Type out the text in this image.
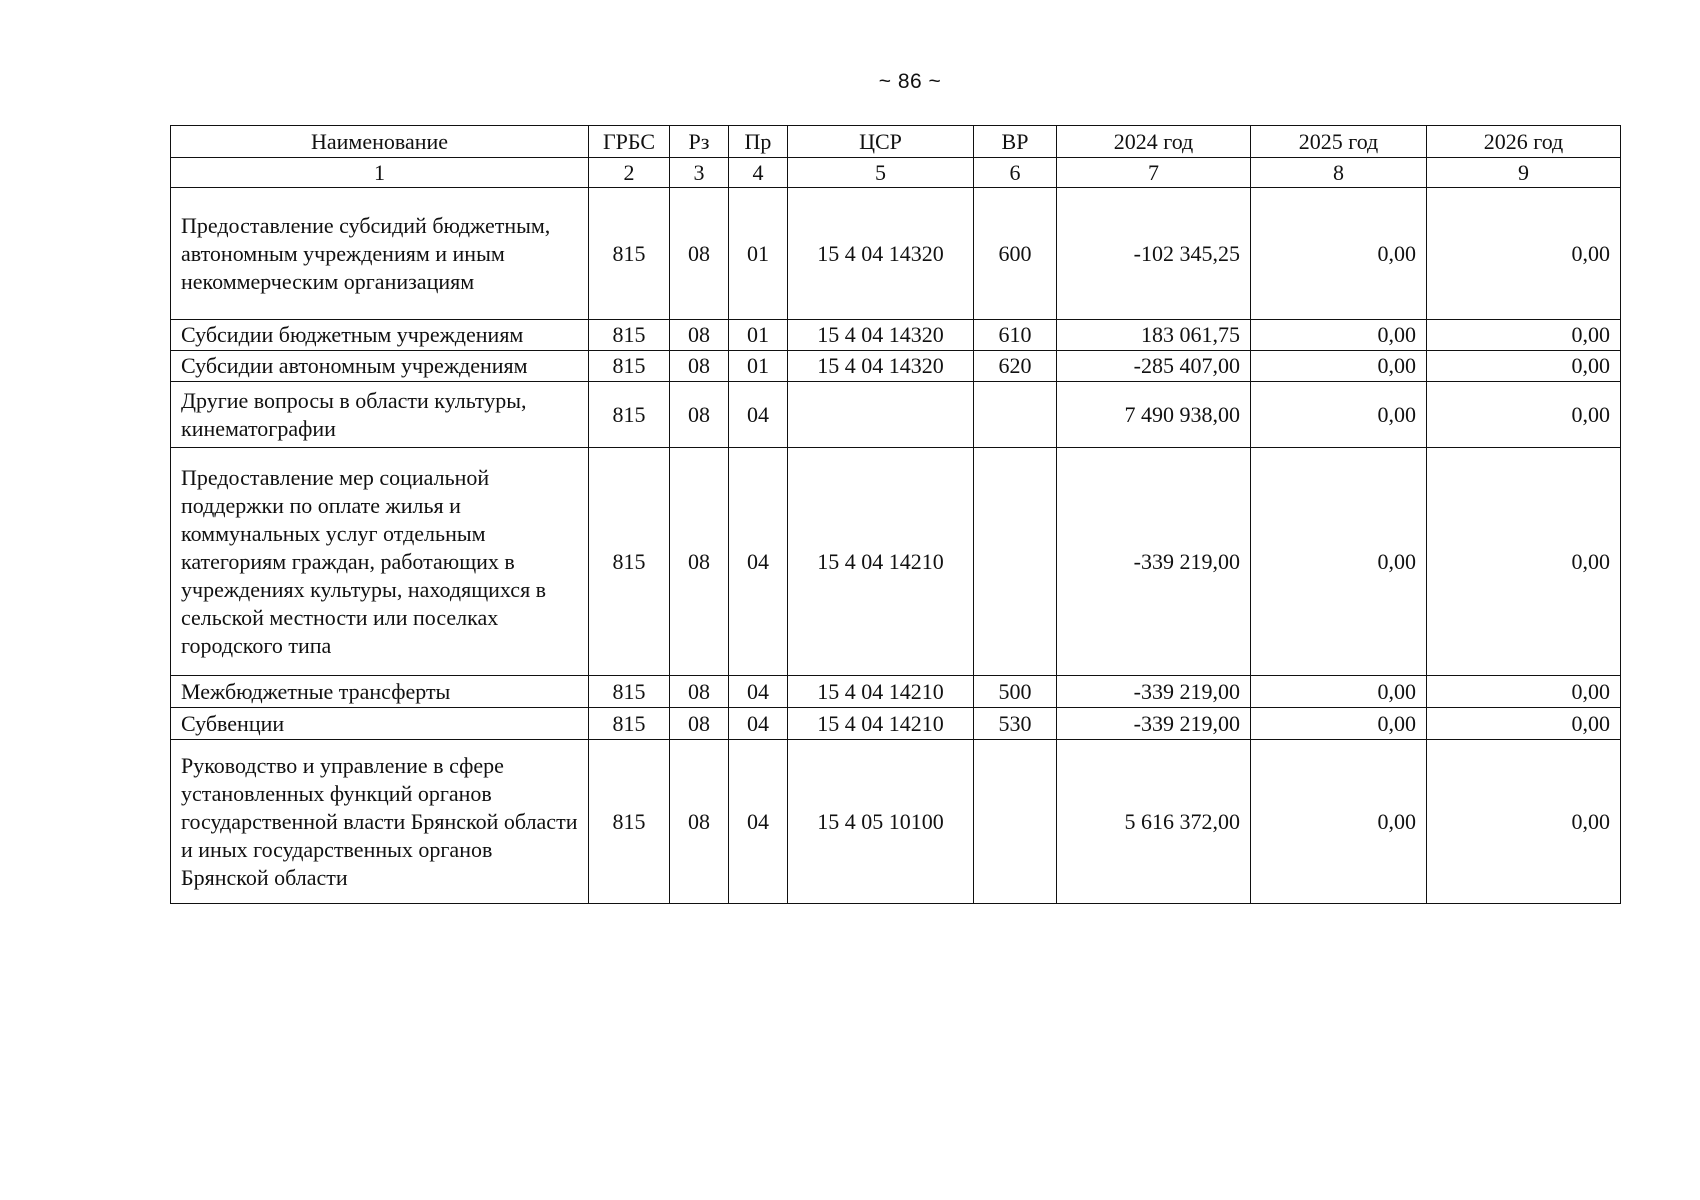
~ 86 ~
Наименование	ГРБС	Рз	Пр	ЦСР	ВР	2024 год	2025 год	2026 год
1	2	3	4	5	6	7	8	9
Предоставление субсидий бюджетным, автономным учреждениям и иным некоммерческим организациям	815	08	01	15 4 04 14320	600	-102 345,25	0,00	0,00
Субсидии бюджетным учреждениям	815	08	01	15 4 04 14320	610	183 061,75	0,00	0,00
Субсидии автономным учреждениям	815	08	01	15 4 04 14320	620	-285 407,00	0,00	0,00
Другие вопросы в области культуры, кинематографии	815	08	04			7 490 938,00	0,00	0,00
Предоставление мер социальной поддержки по оплате жилья и коммунальных услуг отдельным категориям граждан, работающих в учреждениях культуры, находящихся в сельской местности или поселках городского типа	815	08	04	15 4 04 14210		-339 219,00	0,00	0,00
Межбюджетные трансферты	815	08	04	15 4 04 14210	500	-339 219,00	0,00	0,00
Субвенции	815	08	04	15 4 04 14210	530	-339 219,00	0,00	0,00
Руководство и управление в сфере установленных функций органов государственной власти Брянской области и иных государственных органов Брянской области	815	08	04	15 4 05 10100		5 616 372,00	0,00	0,00
